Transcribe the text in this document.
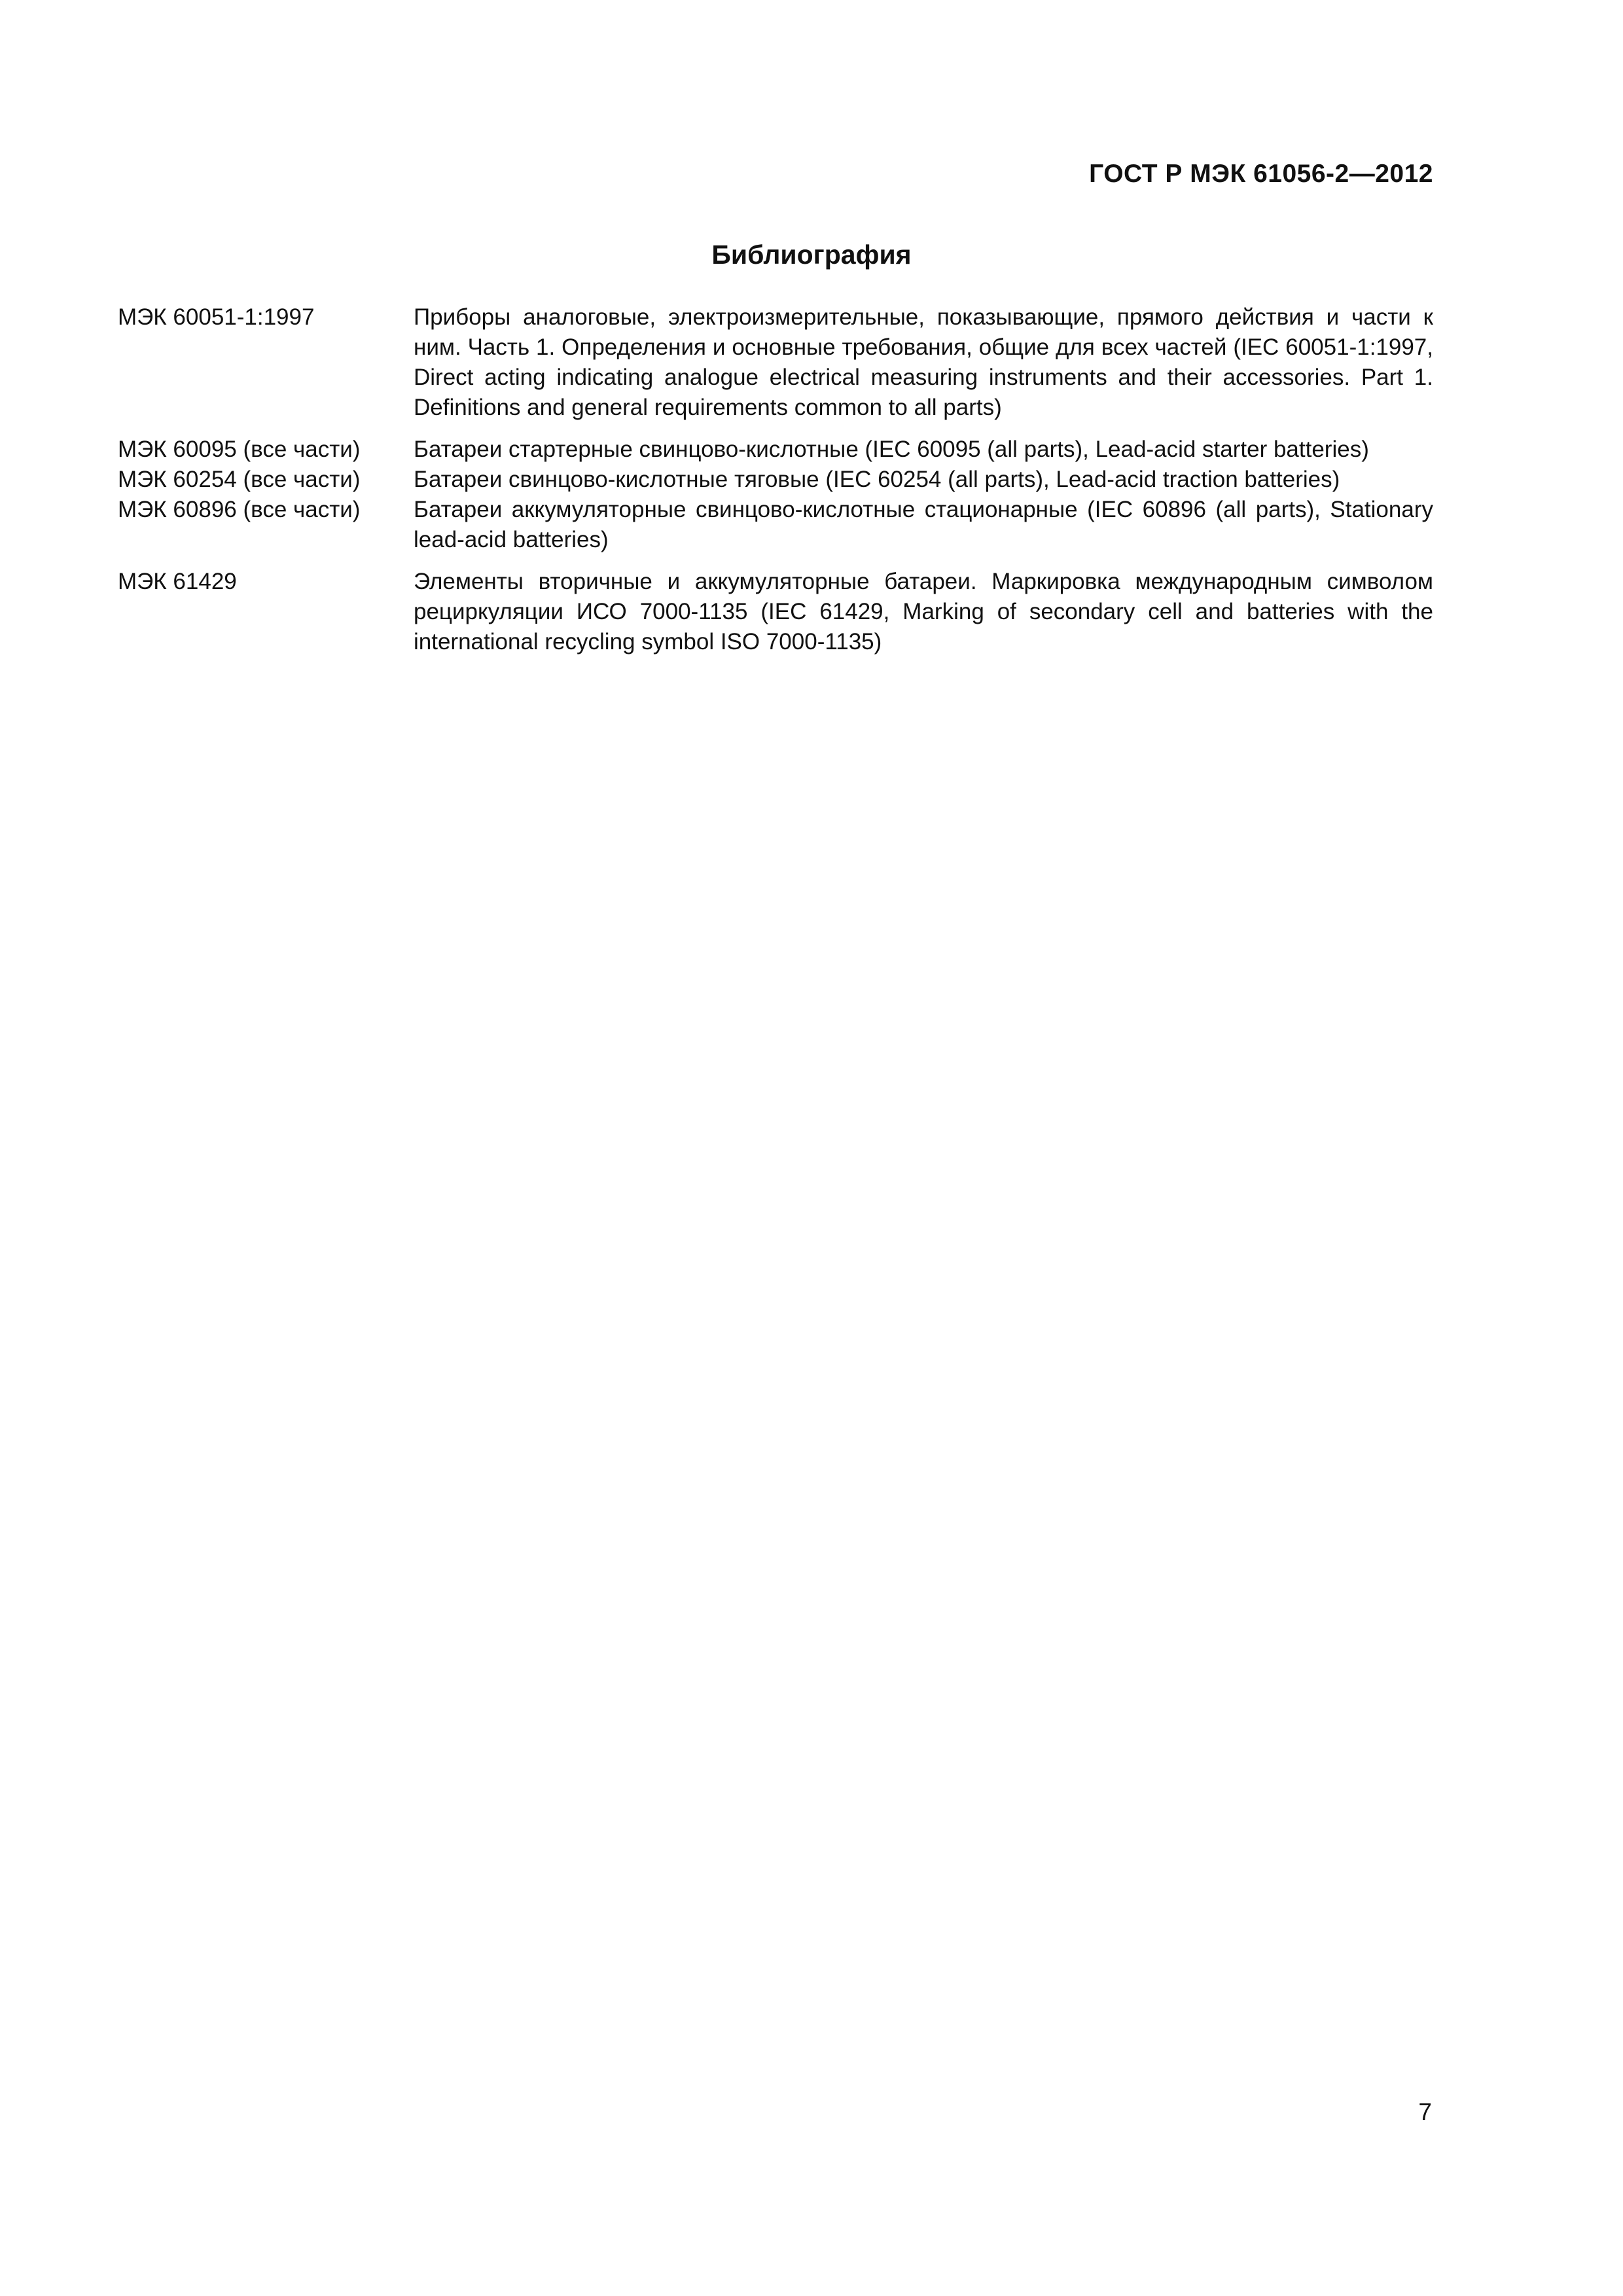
ГОСТ Р МЭК 61056-2—2012
Библиография
МЭК 60051-1:1997	Приборы аналоговые, электроизмерительные, показывающие, прямого действия и части к ним. Часть 1. Определения и основные требования, общие для всех частей (IEC 60051-1:1997, Direct acting indicating analogue electrical measuring instruments and their accessories. Part 1. Definitions and general requirements common to all parts)
МЭК 60095 (все части)	Батареи стартерные свинцово-кислотные (IEC 60095 (all parts), Lead-acid starter batteries)
МЭК 60254 (все части)	Батареи свинцово-кислотные тяговые (IEC 60254 (all parts), Lead-acid traction batteries)
МЭК 60896 (все части)	Батареи аккумуляторные свинцово-кислотные стационарные (IEC 60896 (all parts), Stationary lead-acid batteries)
МЭК 61429	Элементы вторичные и аккумуляторные батареи. Маркировка международным символом рециркуляции ИСО 7000-1135 (IEC 61429, Marking of secondary cell and batteries with the international recycling symbol ISO 7000-1135)
7
